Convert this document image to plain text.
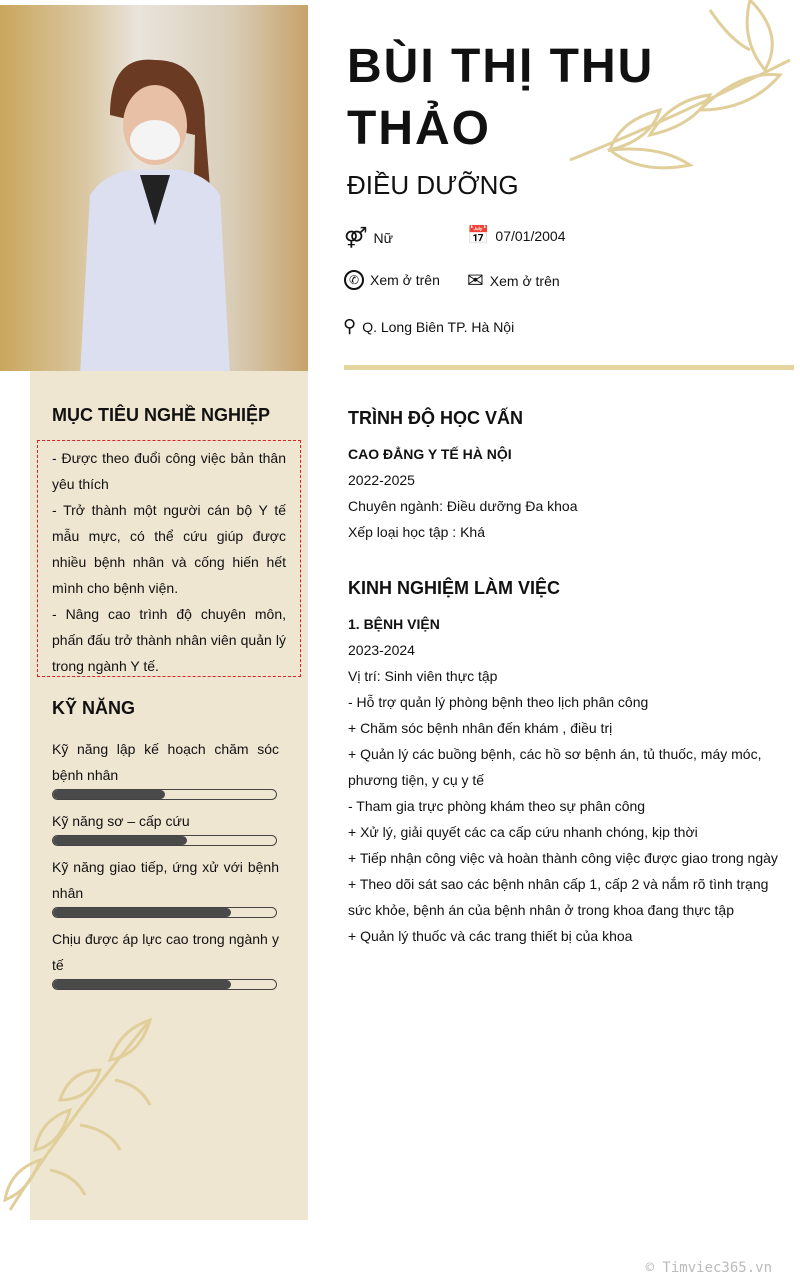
MỤC TIÊU NGHỀ NGHIỆP
- Được theo đuổi công việc bản thân yêu thích
- Trở thành một người cán bộ Y tế mẫu mực, có thể cứu giúp được nhiều bệnh nhân và cống hiến hết mình cho bệnh viện.
- Nâng cao trình độ chuyên môn, phấn đấu trở thành nhân viên quản lý trong ngành Y tế.
KỸ NĂNG
Kỹ năng lập kế hoạch chăm sóc bệnh nhân
Kỹ năng sơ – cấp cứu
Kỹ năng giao tiếp, ứng xử với bệnh nhân
Chịu được áp lực cao trong ngành y tế
BÙI THỊ THU THẢO
ĐIỀU DƯỠNG
⚤ Nữ	📅 07/01/2004
✆ Xem ở trên ✉ Xem ở trên
⚲ Q. Long Biên TP. Hà Nội
TRÌNH ĐỘ HỌC VẤN
CAO ĐẲNG Y TẾ HÀ NỘI
2022-2025
Chuyên ngành: Điều dưỡng Đa khoa
Xếp loại học tập : Khá
KINH NGHIỆM LÀM VIỆC
1. BỆNH VIỆN
2023-2024
Vị trí: Sinh viên thực tập
- Hỗ trợ quản lý phòng bệnh theo lịch phân công
+ Chăm sóc bệnh nhân đến khám , điều trị
+ Quản lý các buồng bệnh, các hồ sơ bệnh án, tủ thuốc, máy móc, phương tiện, y cụ y tế
- Tham gia trực phòng khám theo sự phân công
+ Xử lý, giải quyết các ca cấp cứu nhanh chóng, kịp thời
+ Tiếp nhận công việc và hoàn thành công việc được giao trong ngày
+ Theo dõi sát sao các bệnh nhân cấp 1, cấp 2 và nắm rõ tình trạng sức khỏe, bệnh án của bệnh nhân ở trong khoa đang thực tập
+ Quản lý thuốc và các trang thiết bị của khoa
© Timviec365.vn
